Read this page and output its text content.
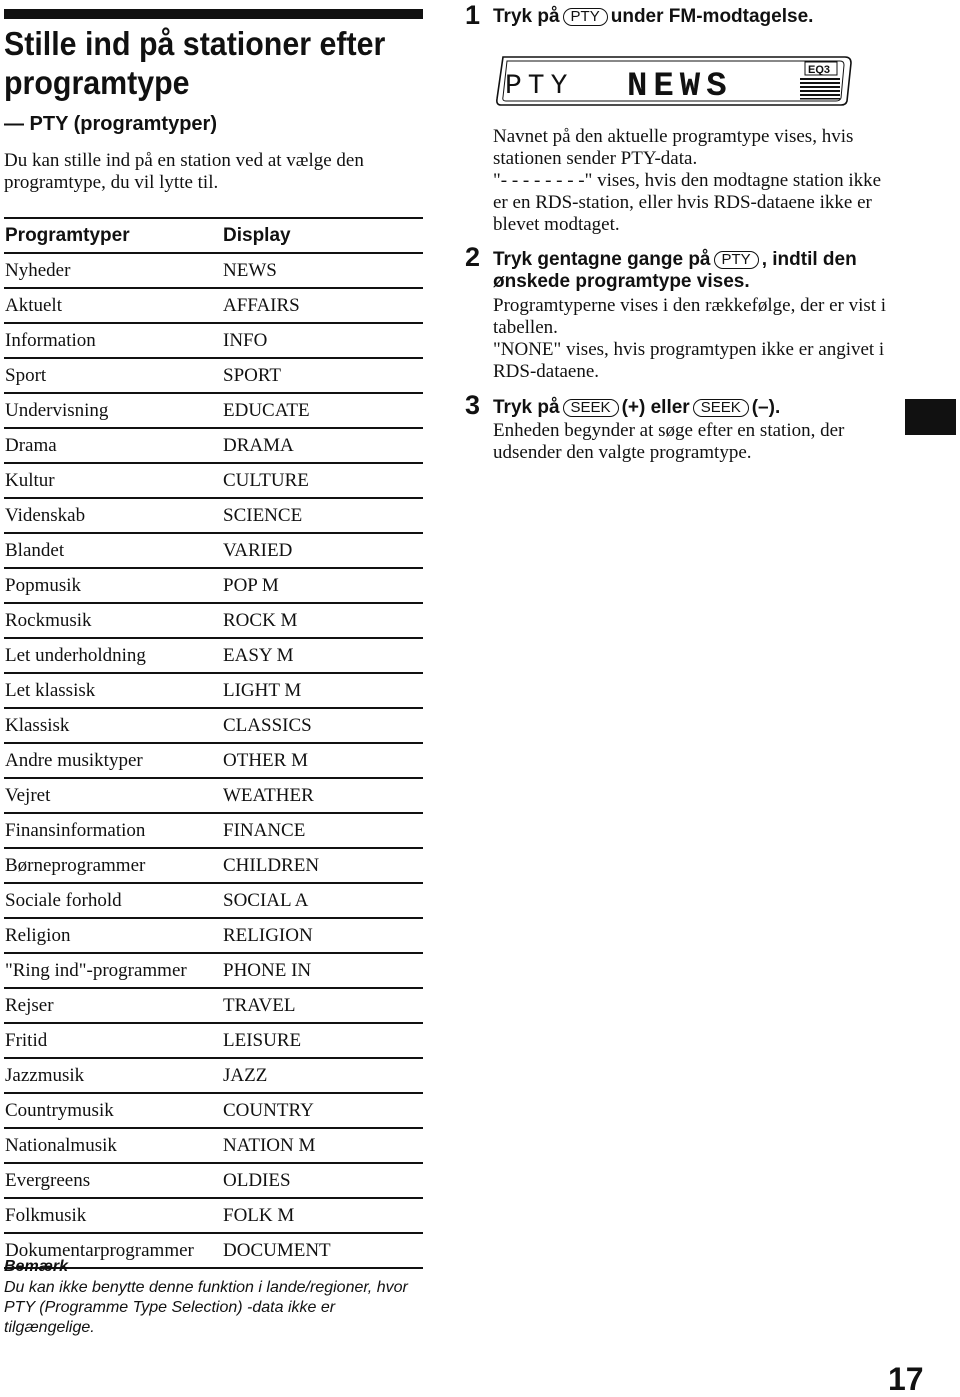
Stille ind på stationer efter programtype
— PTY (programtyper)
Du kan stille ind på en station ved at vælge den programtype, du vil lytte til.
Programtyper	Display
Nyheder	NEWS
Aktuelt	AFFAIRS
Information	INFO
Sport	SPORT
Undervisning	EDUCATE
Drama	DRAMA
Kultur	CULTURE
Videnskab	SCIENCE
Blandet	VARIED
Popmusik	POP M
Rockmusik	ROCK M
Let underholdning	EASY M
Let klassisk	LIGHT M
Klassisk	CLASSICS
Andre musiktyper	OTHER M
Vejret	WEATHER
Finansinformation	FINANCE
Børneprogrammer	CHILDREN
Sociale forhold	SOCIAL A
Religion	RELIGION
"Ring ind"-programmer PHONE IN
Rejser	TRAVEL
Fritid	LEISURE
Jazzmusik	JAZZ
Countrymusik	COUNTRY
Nationalmusik	NATION M
Evergreens	OLDIES
Folkmusik	FOLK M
Dokumentarprogrammer DOCUMENT
Bemærk
Du kan ikke benytte denne funktion i lande/regioner, hvor PTY (Programme Type Selection) -data ikke er tilgængelige.
1 Tryk på PTY under FM-modtagelse.
PTY NEWS	EQ3

Navnet på den aktuelle programtype vises, hvis stationen sender PTY-data.

"- - - - - - - -" vises, hvis den modtagne station ikke er en RDS-station, eller hvis RDS-dataene ikke er blevet modtaget.

2 Tryk gentagne gange på PTY , indtil den ønskede programtype vises.

Programtyperne vises i den rækkefølge, der er vist i tabellen.

"NONE" vises, hvis programtypen ikke er angivet i RDS-dataene.

3 Tryk på SEEK (+) eller SEEK (–).

Enheden begynder at søge efter en station, der udsender den valgte programtype.

17
